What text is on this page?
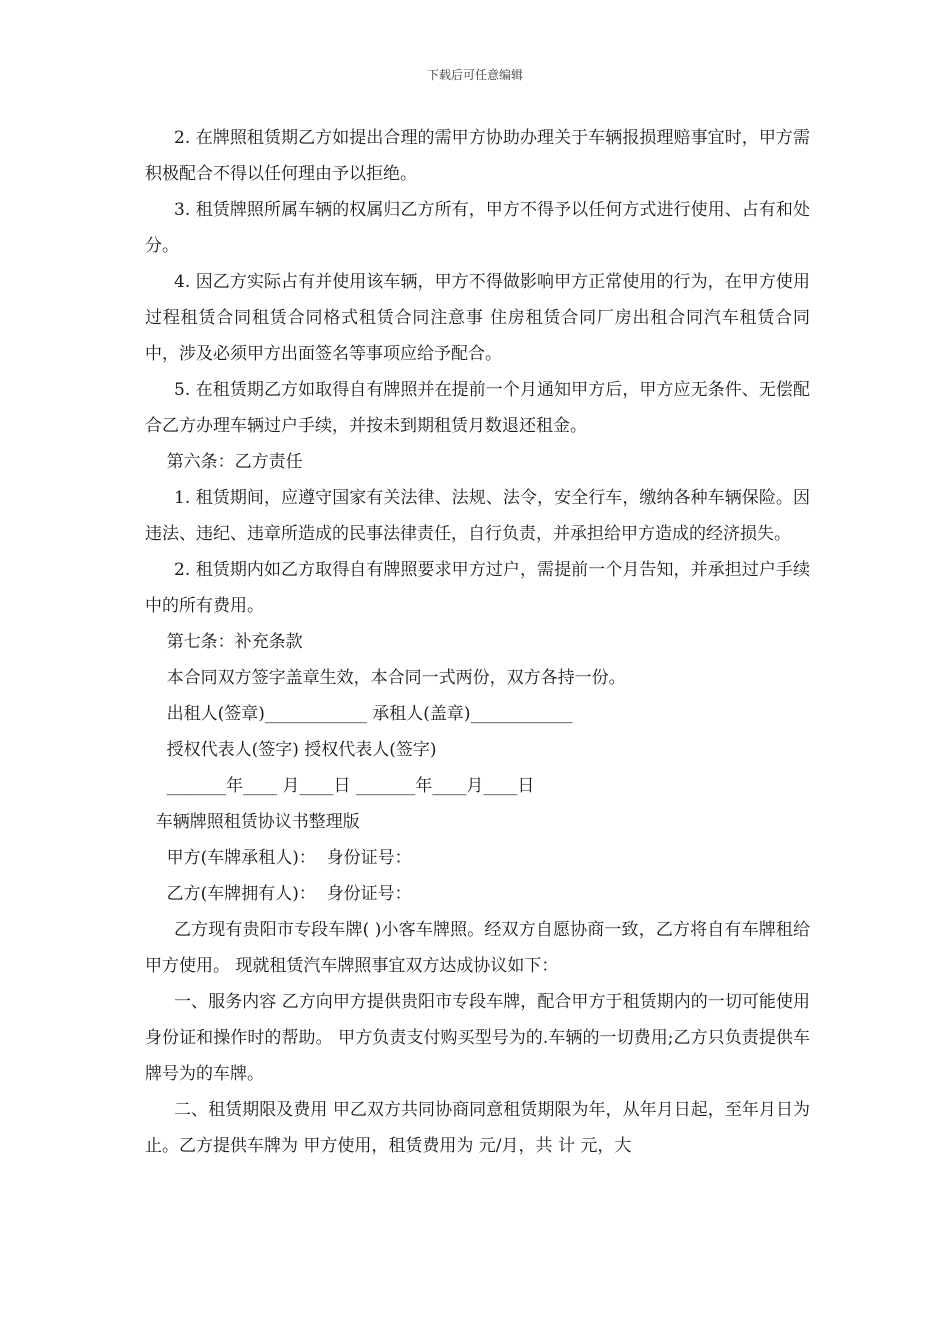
下载后可任意编辑

2. 在牌照租赁期乙方如提出合理的需甲方协助办理关于车辆报损理赔事宜时，甲方需积极配合不得以任何理由予以拒绝。

3. 租赁牌照所属车辆的权属归乙方所有，甲方不得予以任何方式进行使用、占有和处分。

4. 因乙方实际占有并使用该车辆，甲方不得做影响甲方正常使用的行为，在甲方使用过程租赁合同租赁合同格式租赁合同注意事 住房租赁合同厂房出租合同汽车租赁合同中，涉及必须甲方出面签名等事项应给予配合。

5. 在租赁期乙方如取得自有牌照并在提前一个月通知甲方后，甲方应无条件、无偿配合乙方办理车辆过户手续，并按未到期租赁月数退还租金。

第六条：乙方责任

1. 租赁期间，应遵守国家有关法律、法规、法令，安全行车，缴纳各种车辆保险。因违法、违纪、违章所造成的民事法律责任，自行负责，并承担给甲方造成的经济损失。

2. 租赁期内如乙方取得自有牌照要求甲方过户，需提前一个月告知，并承担过户手续中的所有费用。

第七条：补充条款

本合同双方签字盖章生效，本合同一式两份，双方各持一份。

出租人(签章)____________ 承租人(盖章)____________

授权代表人(签字) 授权代表人(签字)

_______年____ 月____日 _______年____月____日

车辆牌照租赁协议书整理版

甲方(车牌承租人)：  身份证号：

乙方(车牌拥有人)：  身份证号：

乙方现有贵阳市专段车牌( )小客车牌照。经双方自愿协商一致，乙方将自有车牌租给甲方使用。 现就租赁汽车牌照事宜双方达成协议如下：

一、服务内容 乙方向甲方提供贵阳市专段车牌，配合甲方于租赁期内的一切可能使用身份证和操作时的帮助。 甲方负责支付购买型号为的.车辆的一切费用;乙方只负责提供车牌号为的车牌。

二、租赁期限及费用 甲乙双方共同协商同意租赁期限为年，从年月日起，至年月日为止。乙方提供车牌为 甲方使用，租赁费用为 元/月，共 计 元，大
